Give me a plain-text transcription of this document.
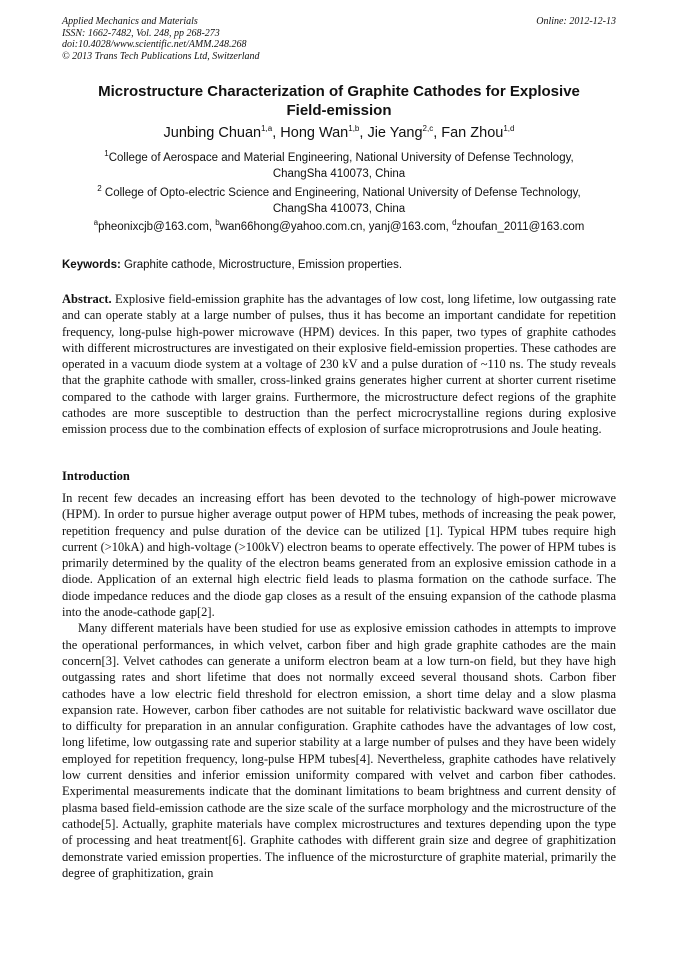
Applied Mechanics and Materials
ISSN: 1662-7482, Vol. 248, pp 268-273
doi:10.4028/www.scientific.net/AMM.248.268
© 2013 Trans Tech Publications Ltd, Switzerland
Online: 2012-12-13
Microstructure Characterization of Graphite Cathodes for Explosive
Field-emission
Junbing Chuan$^{1,a}$, Hong Wan$^{1,b}$, Jie Yang$^{2,c}$, Fan Zhou$^{1,d}$
$^1$College of Aerospace and Material Engineering, National University of Defense Technology,
ChangSha 410073, China
$^2$ College of Opto-electric Science and Engineering, National University of Defense Technology,
ChangSha 410073, China
$^a$pheonixcjb@163.com, $^b$wan66hong@yahoo.com.cn, yanj@163.com, $^d$zhoufan_2011@163.com
Keywords: Graphite cathode, Microstructure, Emission properties.
Abstract. Explosive field-emission graphite has the advantages of low cost, long lifetime, low outgassing rate and can operate stably at a large number of pulses, thus it has become an important candidate for repetition frequency, long-pulse high-power microwave (HPM) devices. In this paper, two types of graphite cathodes with different microstructures are investigated on their explosive field-emission properties. These cathodes are operated in a vacuum diode system at a voltage of 230 kV and a pulse duration of ~110 ns. The study reveals that the graphite cathode with smaller, cross-linked grains generates higher current at shorter current risetime compared to the cathode with larger grains. Furthermore, the microstructure defect regions of the graphite cathodes are more susceptible to destruction than the perfect microcrystalline regions during explosive emission process due to the combination effects of explosion of surface microprotrusions and Joule heating.
Introduction

In recent few decades an increasing effort has been devoted to the technology of high-power microwave (HPM). In order to pursue higher average output power of HPM tubes, methods of increasing the peak power, repetition frequency and pulse duration of the device can be utilized [1]. Typical HPM tubes require high current (>10kA) and high-voltage (>100kV) electron beams to operate effectively. The power of HPM tubes is primarily determined by the quality of the electron beams generated from an explosive emission cathode in a diode. Application of an external high electric field leads to plasma formation on the cathode surface. The diode impedance reduces and the diode gap closes as a result of the ensuing expansion of the cathode plasma into the anode-cathode gap[2].

Many different materials have been studied for use as explosive emission cathodes in attempts to improve the operational performances, in which velvet, carbon fiber and high grade graphite cathodes are the main concern[3]. Velvet cathodes can generate a uniform electron beam at a low turn-on field, but they have high outgassing rates and short lifetime that does not normally exceed several thousand shots. Carbon fiber cathodes have a low electric field threshold for electron emission, a short time delay and a slow plasma expansion rate. However, carbon fiber cathodes are not suitable for relativistic backward wave oscillator due to difficulty for preparation in an annular configuration. Graphite cathodes have the advantages of low cost, long lifetime, low outgassing rate and superior stability at a large number of pulses and they have been widely employed for repetition frequency, long-pulse HPM tubes[4]. Nevertheless, graphite cathodes have relatively low current densities and inferior emission uniformity compared with velvet and carbon fiber cathodes. Experimental measurements indicate that the dominant limitations to beam brightness and current density of plasma based field-emission cathode are the size scale of the surface morphology and the microstructure of the cathode[5]. Actually, graphite materials have complex microstructures and textures depending upon the type of processing and heat treatment[6]. Graphite cathodes with different grain size and degree of graphitization demonstrate varied emission properties. The influence of the microsturcture of graphite material, primarily the degree of graphitization, grain
